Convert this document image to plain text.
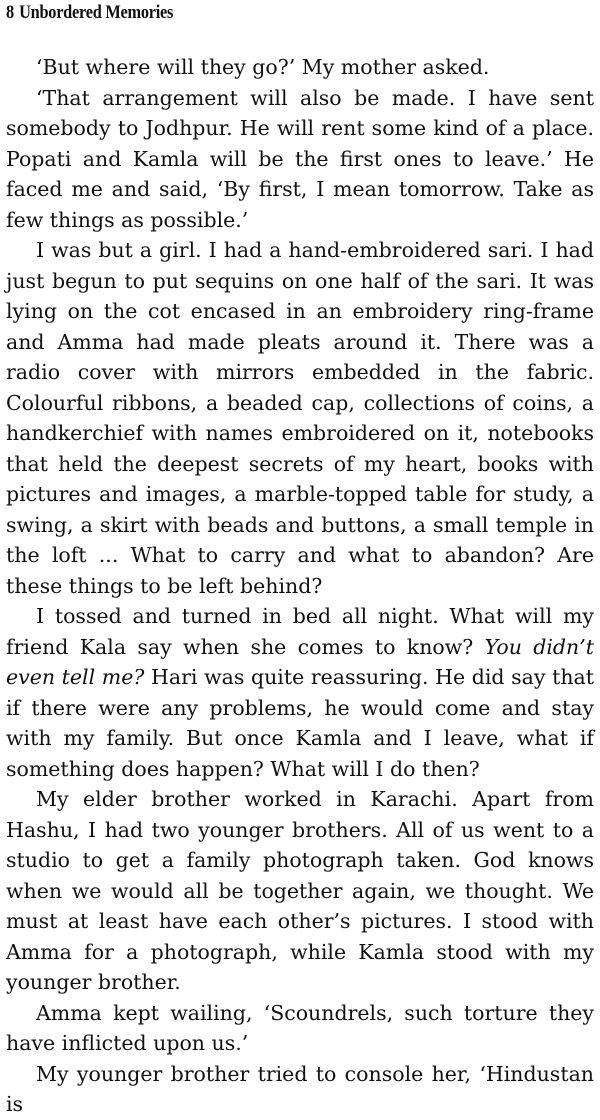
8 Unbordered Memories

‘But where will they go?’ My mother asked.

‘That arrangement will also be made. I have sent somebody to Jodhpur. He will rent some kind of a place. Popati and Kamla will be the first ones to leave.’ He faced me and said, ‘By first, I mean tomorrow. Take as few things as possible.’

I was but a girl. I had a hand-embroidered sari. I had just begun to put sequins on one half of the sari. It was lying on the cot encased in an embroidery ring-frame and Amma had made pleats around it. There was a radio cover with mirrors embedded in the fabric. Colourful ribbons, a beaded cap, collections of coins, a handkerchief with names embroidered on it, notebooks that held the deepest secrets of my heart, books with pictures and images, a marble-topped table for study, a swing, a skirt with beads and buttons, a small temple in the loft ... What to carry and what to abandon? Are these things to be left behind?

I tossed and turned in bed all night. What will my friend Kala say when she comes to know? You didn’t even tell me? Hari was quite reassuring. He did say that if there were any problems, he would come and stay with my family. But once Kamla and I leave, what if something does happen? What will I do then?

My elder brother worked in Karachi. Apart from Hashu, I had two younger brothers. All of us went to a studio to get a family photograph taken. God knows when we would all be together again, we thought. We must at least have each other’s pictures. I stood with Amma for a photograph, while Kamla stood with my younger brother.

Amma kept wailing, ‘Scoundrels, such torture they have inflicted upon us.’

My younger brother tried to console her, ‘Hindustan is
